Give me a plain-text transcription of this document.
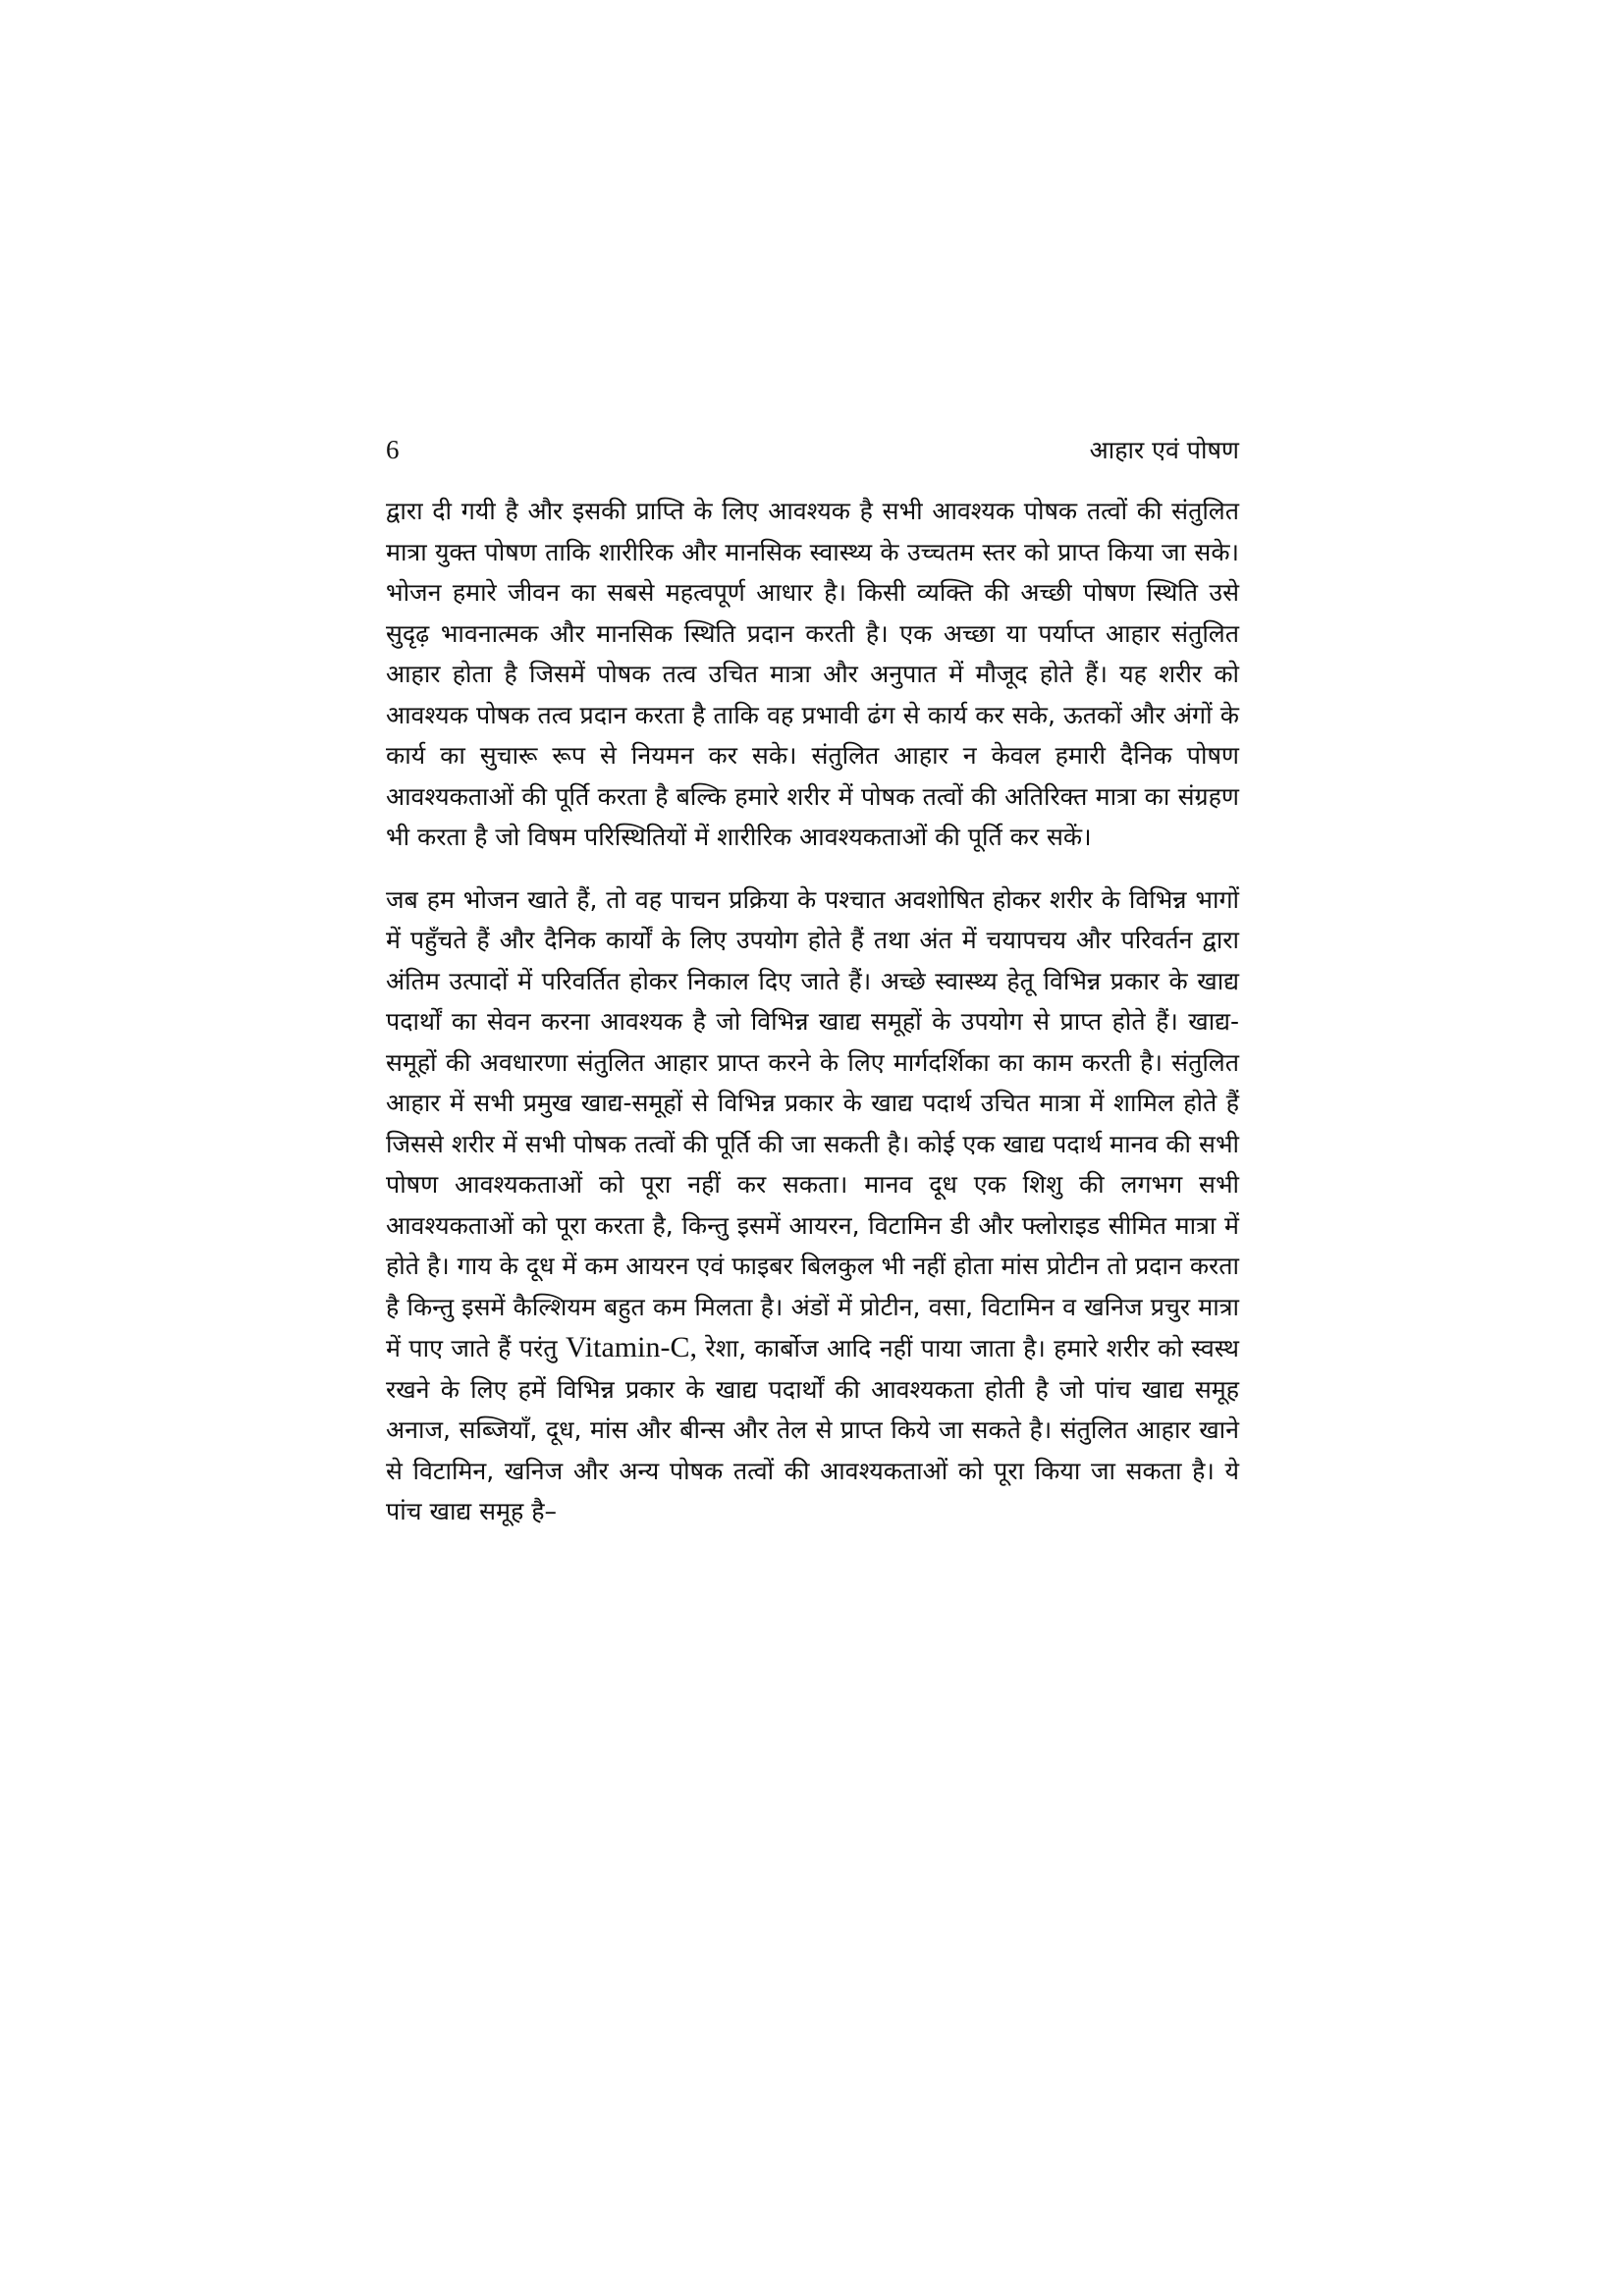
6	आहार एवं पोषण

द्वारा दी गयी है और इसकी प्राप्ति के लिए आवश्यक है सभी आवश्यक पोषक तत्वों की संतुलित मात्रा युक्त पोषण ताकि शारीरिक और मानसिक स्वास्थ्य के उच्चतम स्तर को प्राप्त किया जा सके। भोजन हमारे जीवन का सबसे महत्वपूर्ण आधार है। किसी व्यक्ति की अच्छी पोषण स्थिति उसे सुदृढ़ भावनात्मक और मानसिक स्थिति प्रदान करती है। एक अच्छा या पर्याप्त आहार संतुलित आहार होता है जिसमें पोषक तत्व उचित मात्रा और अनुपात में मौजूद होते हैं। यह शरीर को आवश्यक पोषक तत्व प्रदान करता है ताकि वह प्रभावी ढंग से कार्य कर सके, ऊतकों और अंगों के कार्य का सुचारू रूप से नियमन कर सके। संतुलित आहार न केवल हमारी दैनिक पोषण आवश्यकताओं की पूर्ति करता है बल्कि हमारे शरीर में पोषक तत्वों की अतिरिक्त मात्रा का संग्रहण भी करता है जो विषम परिस्थितियों में शारीरिक आवश्यकताओं की पूर्ति कर सकें।

जब हम भोजन खाते हैं, तो वह पाचन प्रक्रिया के पश्चात अवशोषित होकर शरीर के विभिन्न भागों में पहुँचते हैं और दैनिक कार्यों के लिए उपयोग होते हैं तथा अंत में चयापचय और परिवर्तन द्वारा अंतिम उत्पादों में परिवर्तित होकर निकाल दिए जाते हैं। अच्छे स्वास्थ्य हेतू विभिन्न प्रकार के खाद्य पदार्थों का सेवन करना आवश्यक है जो विभिन्न खाद्य समूहों के उपयोग से प्राप्त होते हैं। खाद्य-समूहों की अवधारणा संतुलित आहार प्राप्त करने के लिए मार्गदर्शिका का काम करती है। संतुलित आहार में सभी प्रमुख खाद्य-समूहों से विभिन्न प्रकार के खाद्य पदार्थ उचित मात्रा में शामिल होते हैं जिससे शरीर में सभी पोषक तत्वों की पूर्ति की जा सकती है। कोई एक खाद्य पदार्थ मानव की सभी पोषण आवश्यकताओं को पूरा नहीं कर सकता। मानव दूध एक शिशु की लगभग सभी आवश्यकताओं को पूरा करता है, किन्तु इसमें आयरन, विटामिन डी और फ्लोराइड सीमित मात्रा में होते है। गाय के दूध में कम आयरन एवं फाइबर बिलकुल भी नहीं होता मांस प्रोटीन तो प्रदान करता है किन्तु इसमें कैल्शियम बहुत कम मिलता है। अंडों में प्रोटीन, वसा, विटामिन व खनिज प्रचुर मात्रा में पाए जाते हैं परंतु Vitamin-C, रेशा, कार्बोज आदि नहीं पाया जाता है। हमारे शरीर को स्वस्थ रखने के लिए हमें विभिन्न प्रकार के खाद्य पदार्थों की आवश्यकता होती है जो पांच खाद्य समूह अनाज, सब्जियाँ, दूध, मांस और बीन्स और तेल से प्राप्त किये जा सकते है। संतुलित आहार खाने से विटामिन, खनिज और अन्य पोषक तत्वों की आवश्यकताओं को पूरा किया जा सकता है। ये पांच खाद्य समूह है–
